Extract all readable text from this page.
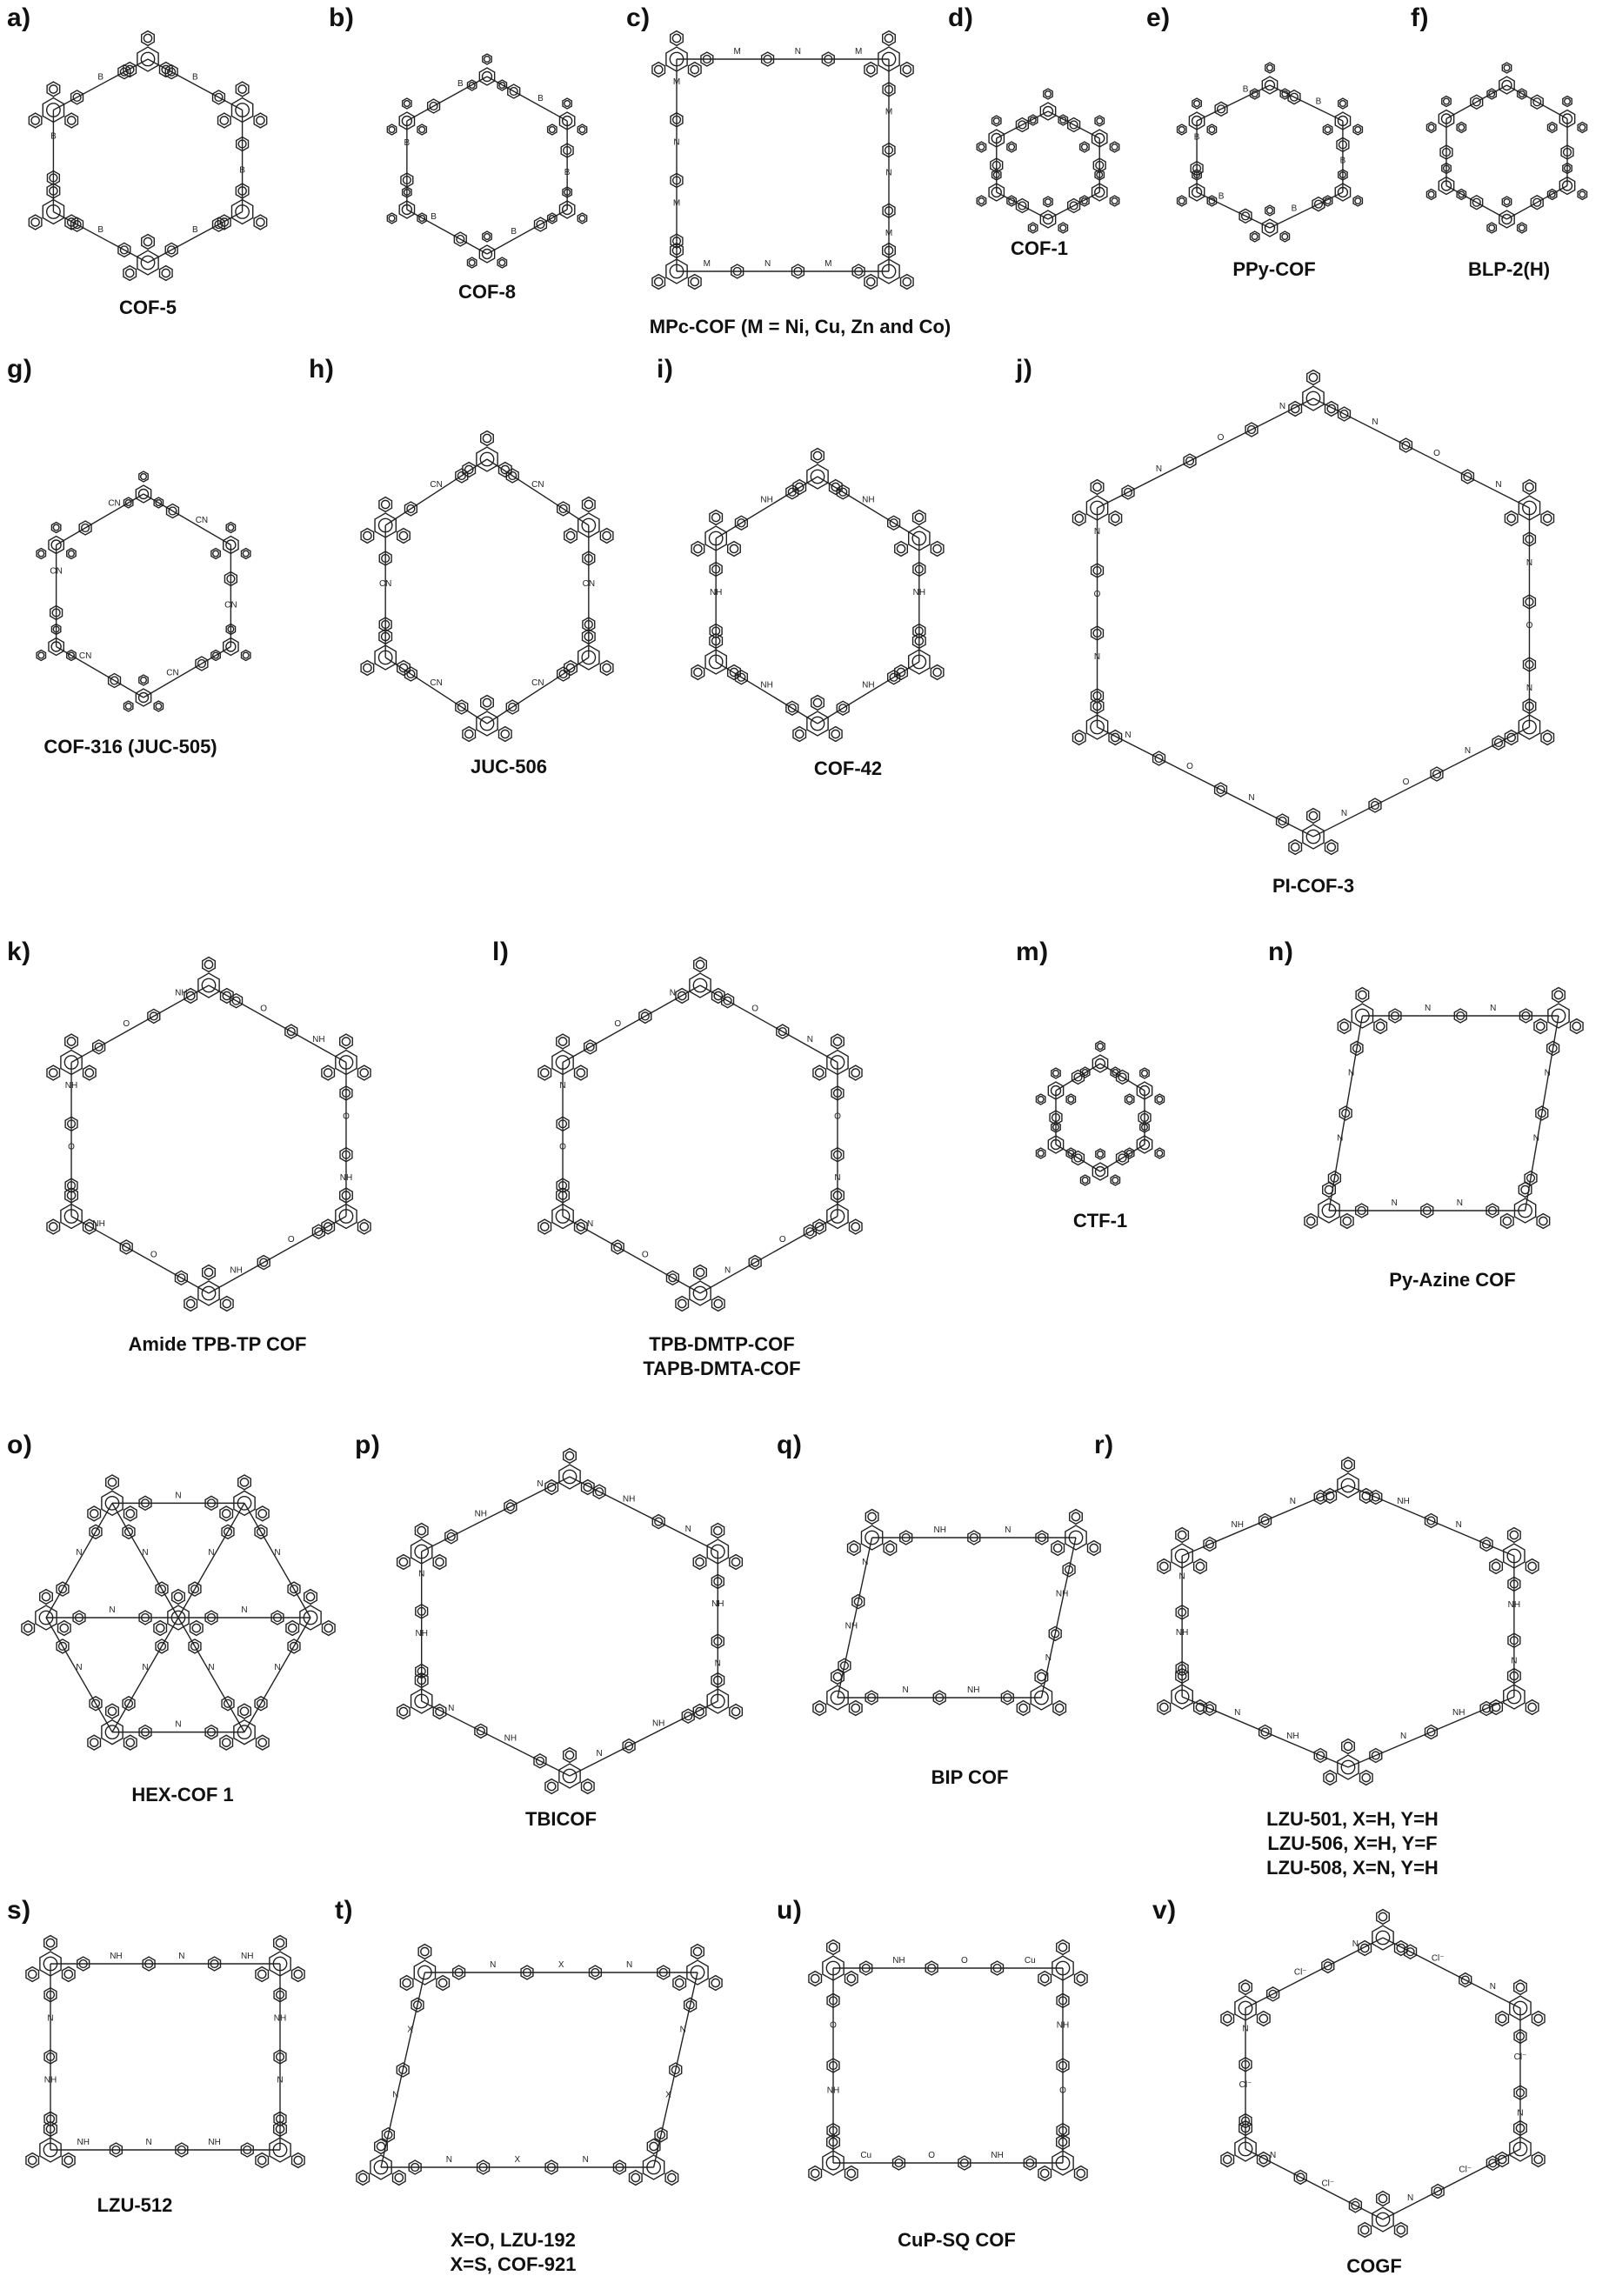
a)
B
B
B
B	B
B
COF-5
b)
B
B
B
B
B
B
COF-8
c)
M	N	M
M
N
M
M
N
M
M
N
M
MPc-COF (M = Ni, Cu, Zn and Co)
d)
COF-1
e)
B
B
B
B
B
B
PPy-COF
f)
BLP-2(H)
g)
CN
CN
CN
CN
CN
CN
COF-316 (JUC-505)
h)
CN
CN
CN
CN	CN
CN
JUC-506
i)
NH
NH
NH
NH	NH
NH
COF-42
j)
N
O
N
N
O
N
N
O
N
N
O
N
N
O
N
N
O
N
PI-COF-3
k)
O
NH
O
NH
O
NH
O
NH
O
NH
O
NH
Amide TPB-TP COF
l)
O
N
O
N
O
N
O
N
O
N
O
N
TPB-DMTP-COF
TAPB-DMTA-COF
m)
CTF-1
n)
N	N
N
N
N
N
N
N
Py-Azine COF
o)
N
N
N
N
N	N
N
N
N
N
N
N
HEX-COF 1
p)
NH
N
NH
N
NH
N
NH
N
NH
N
NH
N
TBICOF
q)
NH	N
NH
N
NH
N
NH
N
BIP COF
r)
NH
N
NH
N
NH
N
NH
N	NH
N
NH
N
LZU-501, X=H, Y=H
LZU-506, X=H, Y=F
LZU-508, X=N, Y=H
s)
NH	N	NH
NH
N
NH
N
NH
NH
N
LZU-512
t)
N	X	N
N
X
N
X
N
N
X
X=O, LZU-192
X=S, COF-921
u)
NH	O	Cu
NH
O
NH
O
Cu
NH
O
CuP-SQ COF
v)
Cl⁻
N
Cl⁻
N
Cl⁻
N
Cl⁻
N
Cl⁻
N
Cl⁻
N
COGF
